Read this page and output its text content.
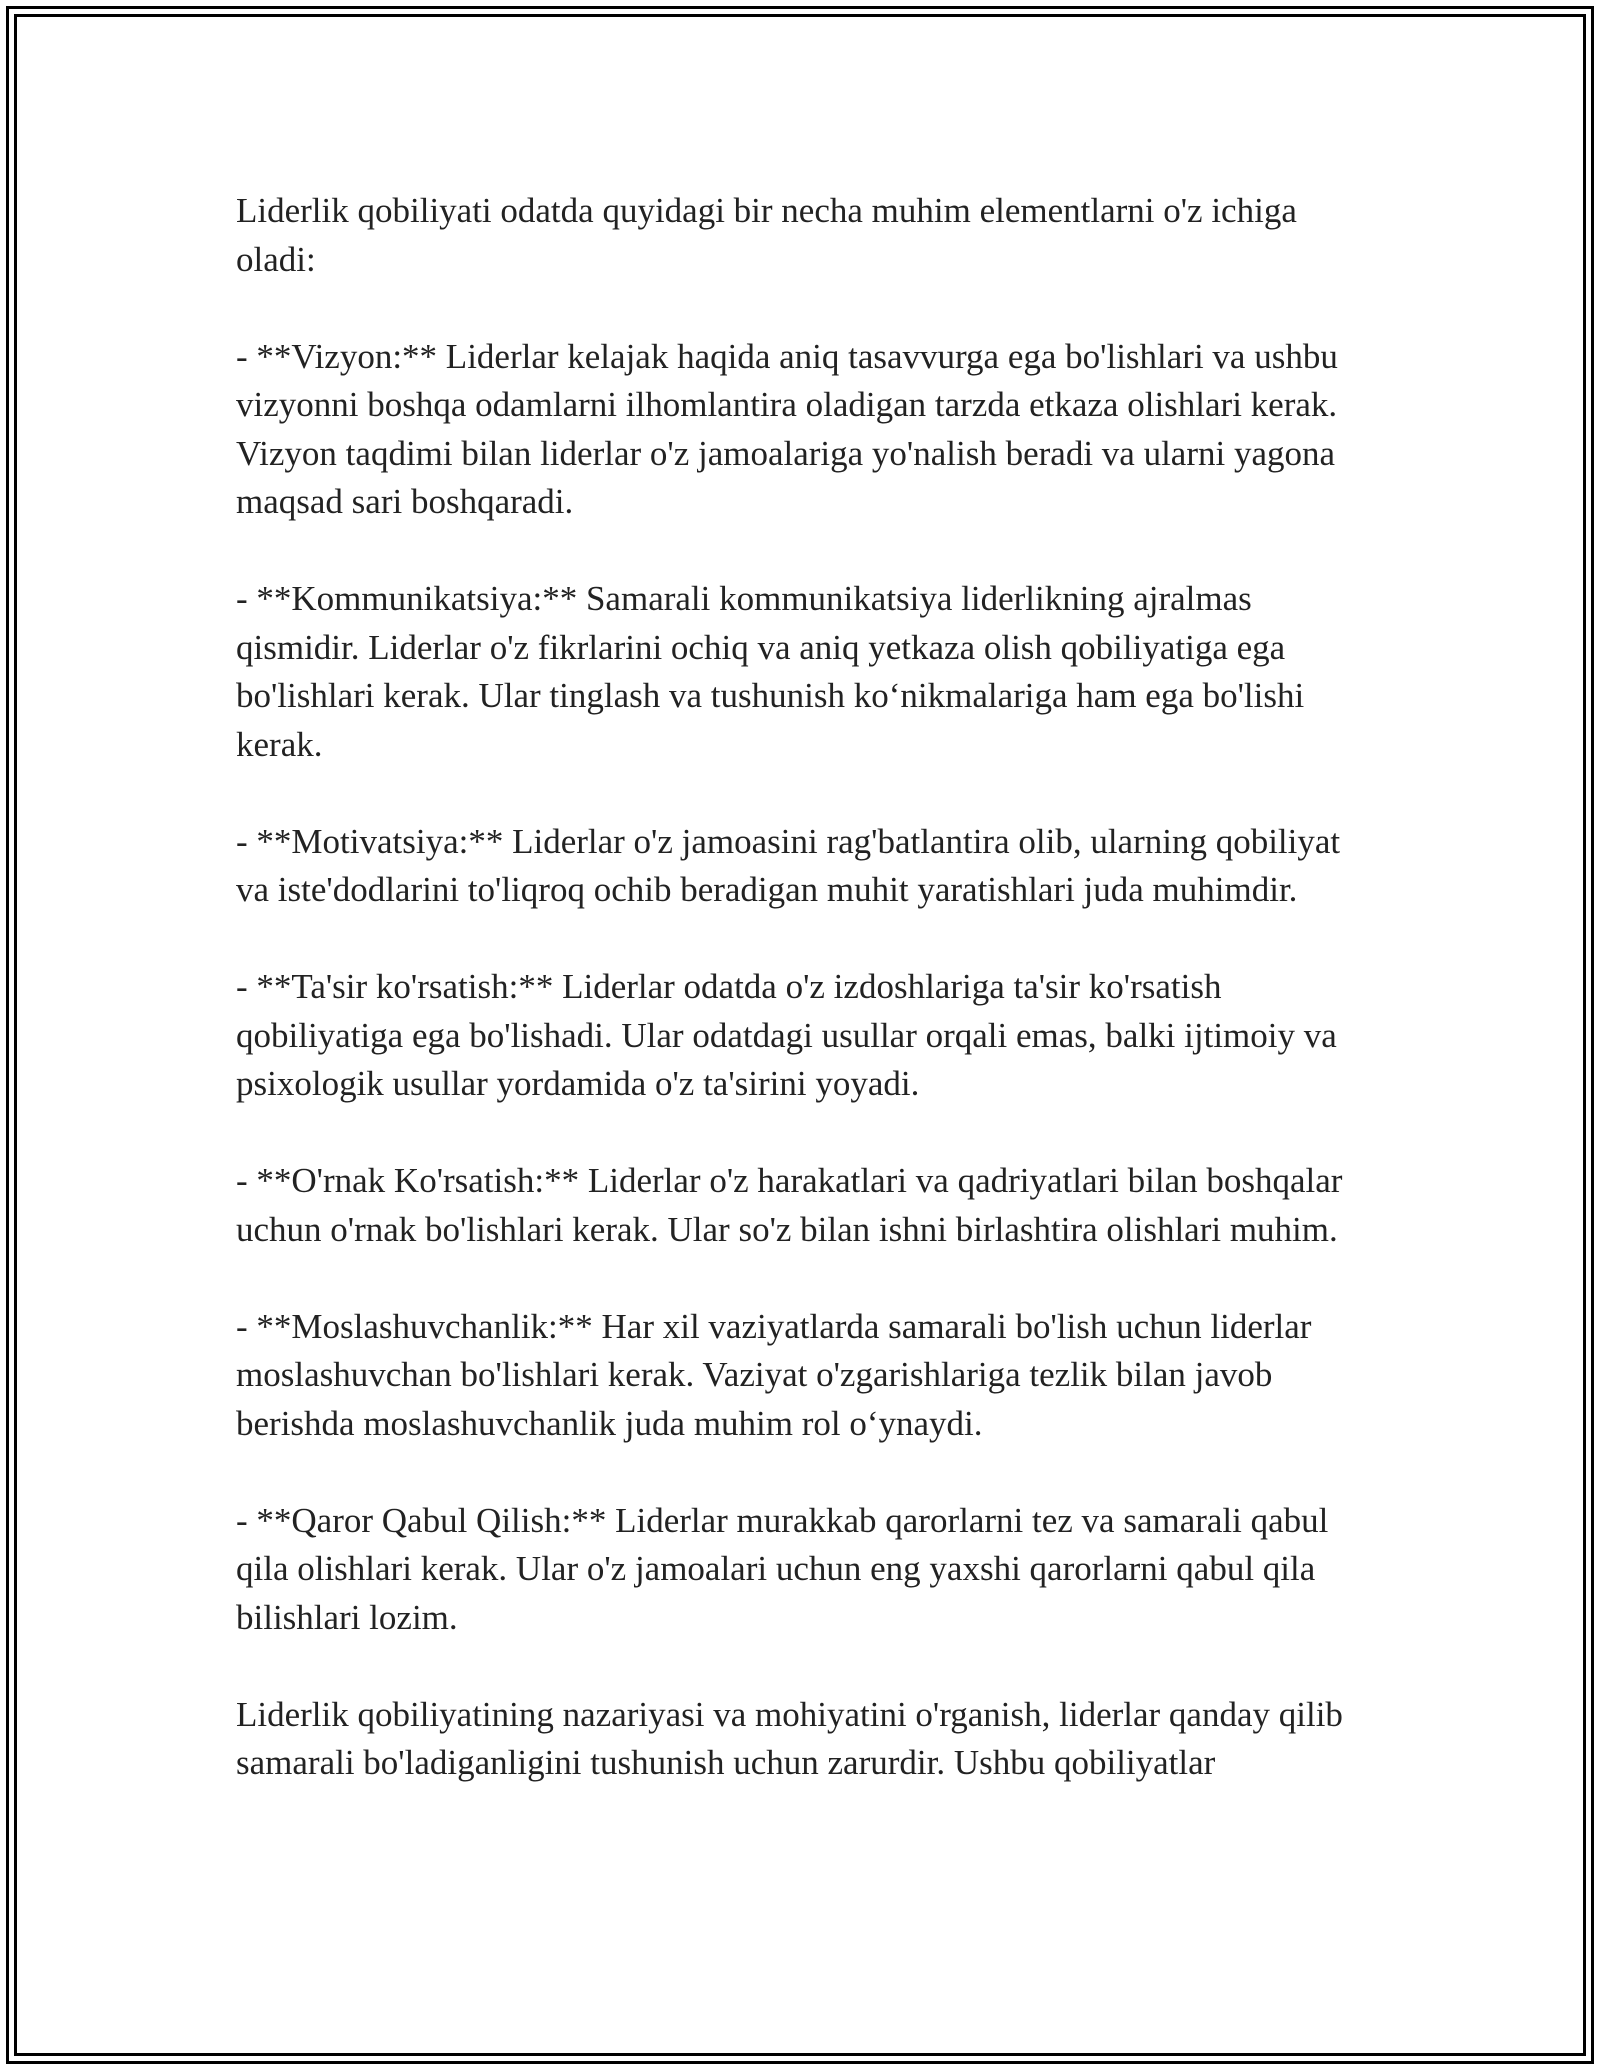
Liderlik qobiliyati odatda quyidagi bir necha muhim elementlarni o'z ichiga oladi:

- **Vizyon:** Liderlar kelajak haqida aniq tasavvurga ega bo'lishlari va ushbu vizyonni boshqa odamlarni ilhomlantira oladigan tarzda etkaza olishlari kerak. Vizyon taqdimi bilan liderlar o'z jamoalariga yo'nalish beradi va ularni yagona maqsad sari boshqaradi.

- **Kommunikatsiya:** Samarali kommunikatsiya liderlikning ajralmas qismidir. Liderlar o'z fikrlarini ochiq va aniq yetkaza olish qobiliyatiga ega bo'lishlari kerak. Ular tinglash va tushunish ko‘nikmalariga ham ega bo'lishi kerak.

- **Motivatsiya:** Liderlar o'z jamoasini rag'batlantira olib, ularning qobiliyat va iste'dodlarini to'liqroq ochib beradigan muhit yaratishlari juda muhimdir.

- **Ta'sir ko'rsatish:** Liderlar odatda o'z izdoshlariga ta'sir ko'rsatish qobiliyatiga ega bo'lishadi. Ular odatdagi usullar orqali emas, balki ijtimoiy va psixologik usullar yordamida o'z ta'sirini yoyadi.

- **O'rnak Ko'rsatish:** Liderlar o'z harakatlari va qadriyatlari bilan boshqalar uchun o'rnak bo'lishlari kerak. Ular so'z bilan ishni birlashtira olishlari muhim.

- **Moslashuvchanlik:** Har xil vaziyatlarda samarali bo'lish uchun liderlar moslashuvchan bo'lishlari kerak. Vaziyat o'zgarishlariga tezlik bilan javob berishda moslashuvchanlik juda muhim rol o‘ynaydi.

- **Qaror Qabul Qilish:** Liderlar murakkab qarorlarni tez va samarali qabul qila olishlari kerak. Ular o'z jamoalari uchun eng yaxshi qarorlarni qabul qila bilishlari lozim.

Liderlik qobiliyatining nazariyasi va mohiyatini o'rganish, liderlar qanday qilib samarali bo'ladiganligini tushunish uchun zarurdir. Ushbu qobiliyatlar
